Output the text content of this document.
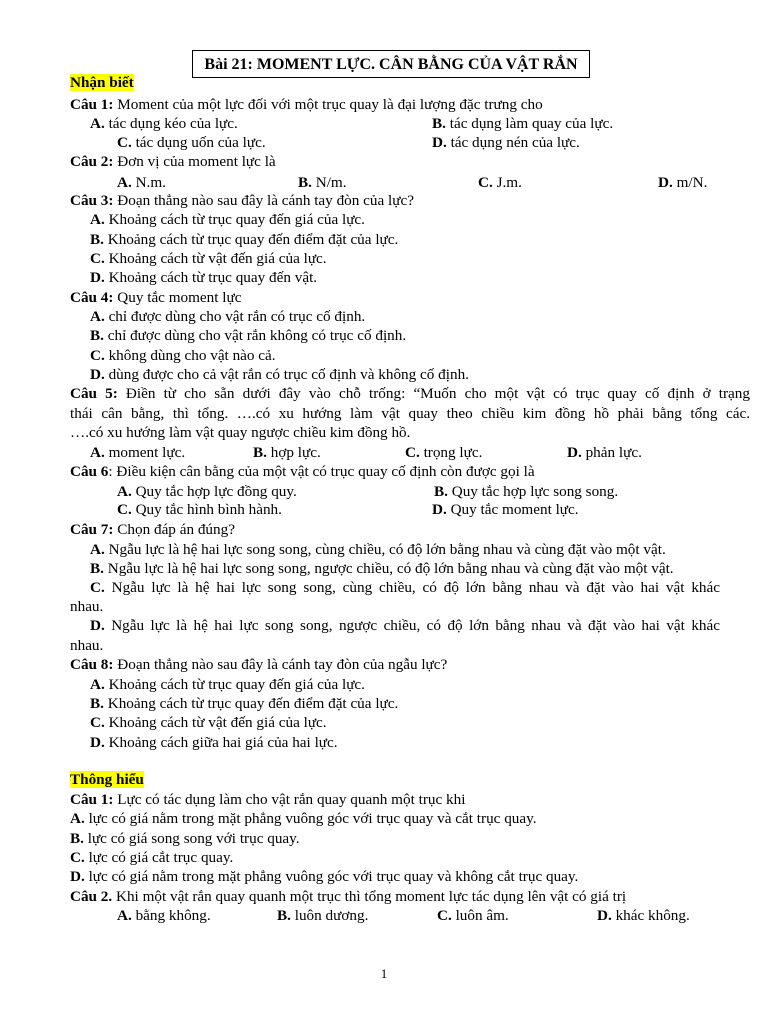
Bài 21: MOMENT LỰC. CÂN BẰNG CỦA VẬT RẮN
Nhận biết
Câu 1: Moment của một lực đối với một trục quay là đại lượng đặc trưng cho
A. tác dụng kéo của lực.	B. tác dụng làm quay của lực.
C. tác dụng uốn của lực.	D. tác dụng nén của lực.
Câu 2: Đơn vị của moment lực là
A. N.m.	B. N/m.	C. J.m.	D. m/N.
Câu 3: Đoạn thẳng nào sau đây là cánh tay đòn của lực?
A. Khoảng cách từ trục quay đến giá của lực.
B. Khoảng cách từ trục quay đến điểm đặt của lực.
C. Khoảng cách từ vật đến giá của lực.
D. Khoảng cách từ trục quay đến vật.
Câu 4: Quy tắc moment lực
A. chỉ được dùng cho vật rắn có trục cố định.
B. chỉ được dùng cho vật rắn không có trục cố định.
C. không dùng cho vật nào cả.
D. dùng được cho cả vật rắn có trục cố định và không cố định.
Câu 5: Điền từ cho sẵn dưới đây vào chỗ trống: “Muốn cho một vật có trục quay cố định ở trạng
thái cân bằng, thì tổng. ….có xu hướng làm vật quay theo chiều kim đồng hồ phải bằng tổng các.
….có xu hướng làm vật quay ngược chiều kim đồng hồ.
A. moment lực.	B. hợp lực.	C. trọng lực.	D. phản lực.
Câu 6: Điều kiện cân bằng của một vật có trục quay cố định còn được gọi là
A. Quy tắc hợp lực đồng quy.	B. Quy tắc hợp lực song song.
C. Quy tắc hình bình hành.	D. Quy tắc moment lực.
Câu 7: Chọn đáp án đúng?
A. Ngẫu lực là hệ hai lực song song, cùng chiều, có độ lớn bằng nhau và cùng đặt vào một vật.
B. Ngẫu lực là hệ hai lực song song, ngược chiều, có độ lớn bằng nhau và cùng đặt vào một vật.
C. Ngẫu lực là hệ hai lực song song, cùng chiều, có độ lớn bằng nhau và đặt vào hai vật khác
nhau.
D. Ngẫu lực là hệ hai lực song song, ngược chiều, có độ lớn bằng nhau và đặt vào hai vật khác
nhau.
Câu 8: Đoạn thẳng nào sau đây là cánh tay đòn của ngẫu lực?
A. Khoảng cách từ trục quay đến giá của lực.
B. Khoảng cách từ trục quay đến điểm đặt của lực.
C. Khoảng cách từ vật đến giá của lực.
D. Khoảng cách giữa hai giá của hai lực.
Thông hiểu
Câu 1: Lực có tác dụng làm cho vật rắn quay quanh một trục khi
A. lực có giá nằm trong mặt phẳng vuông góc với trục quay và cắt trục quay.
B. lực có giá song song với trục quay.
C. lực có giá cắt trục quay.
D. lực có giá nằm trong mặt phẳng vuông góc với trục quay và không cắt trục quay.
Câu 2. Khi một vật rắn quay quanh một trục thì tổng moment lực tác dụng lên vật có giá trị
A. bằng không.	B. luôn dương.	C. luôn âm.	D. khác không.
1
